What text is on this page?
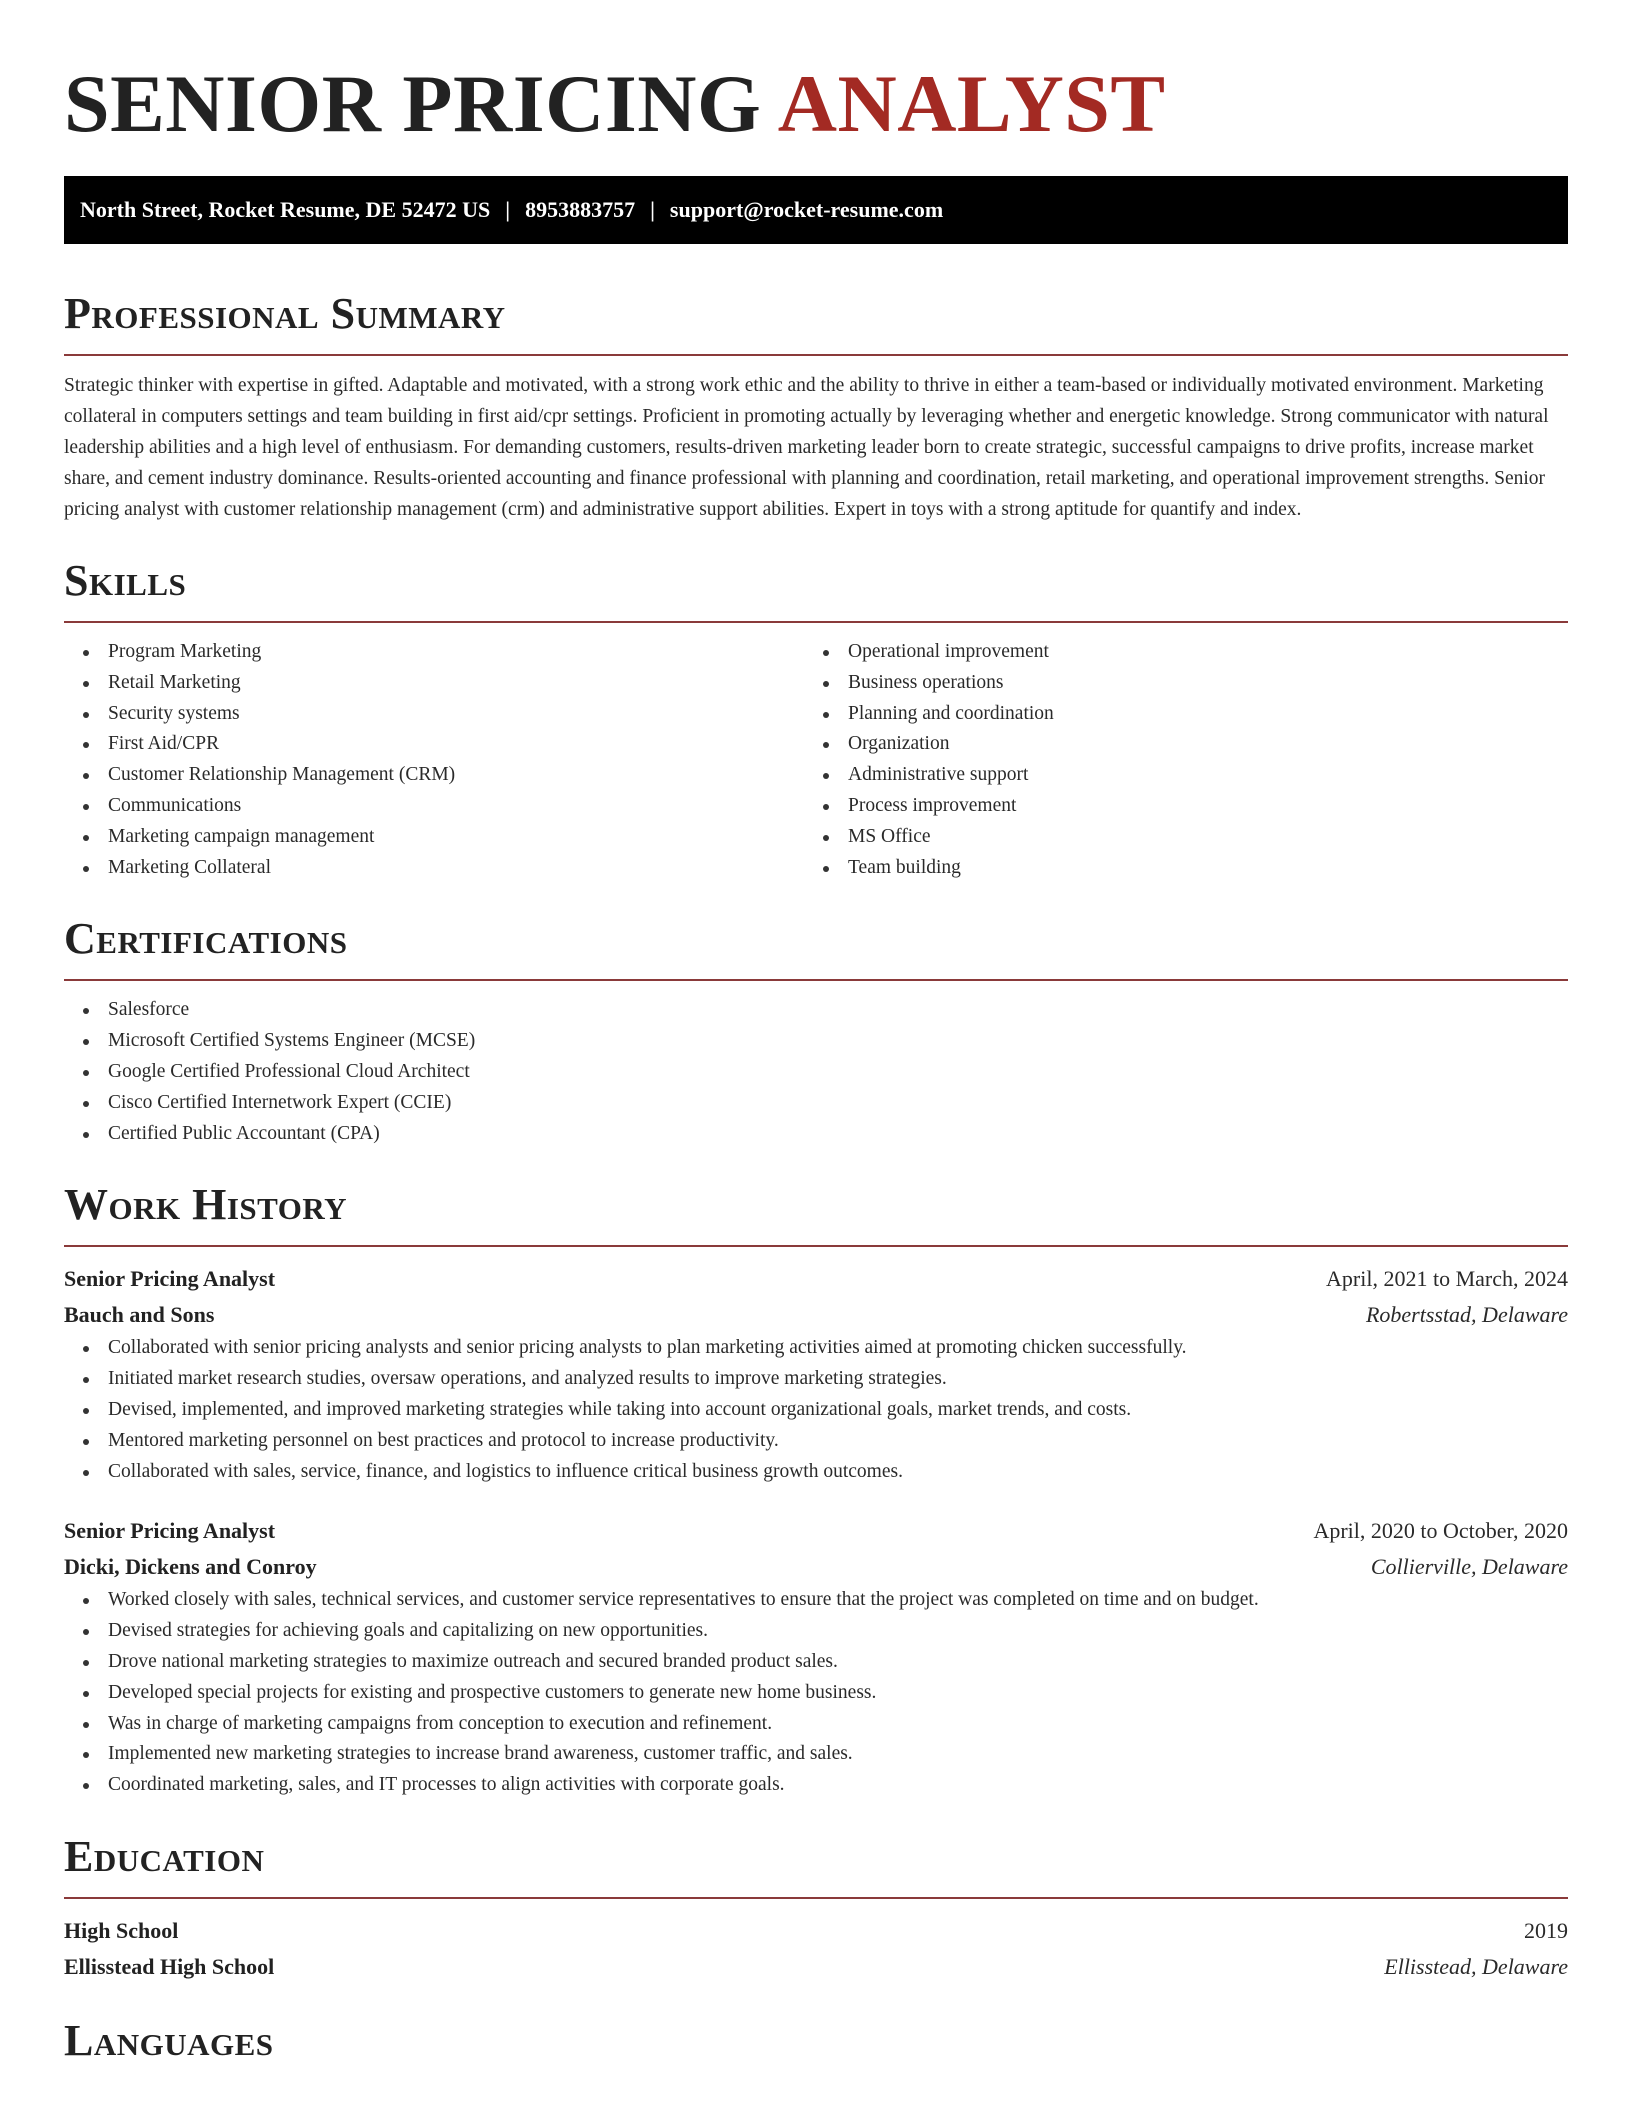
SENIOR PRICING ANALYST
North Street, Rocket Resume, DE 52472 US | 8953883757 | support@rocket-resume.com
Professional Summary

Strategic thinker with expertise in gifted. Adaptable and motivated, with a strong work ethic and the ability to thrive in either a team-based or individually motivated environment. Marketing collateral in computers settings and team building in first aid/cpr settings. Proficient in promoting actually by leveraging whether and energetic knowledge. Strong communicator with natural leadership abilities and a high level of enthusiasm. For demanding customers, results-driven marketing leader born to create strategic, successful campaigns to drive profits, increase market share, and cement industry dominance. Results-oriented accounting and finance professional with planning and coordination, retail marketing, and operational improvement strengths. Senior pricing analyst with customer relationship management (crm) and administrative support abilities. Expert in toys with a strong aptitude for quantify and index.

Skills
Program Marketing
Retail Marketing
Security systems
First Aid/CPR
Customer Relationship Management (CRM)
Communications
Marketing campaign management
Marketing Collateral
Operational improvement
Business operations
Planning and coordination
Organization
Administrative support
Process improvement
MS Office
Team building
Certifications
Salesforce
Microsoft Certified Systems Engineer (MCSE)
Google Certified Professional Cloud Architect
Cisco Certified Internetwork Expert (CCIE)
Certified Public Accountant (CPA)
Work History
Senior Pricing Analyst	April, 2021 to March, 2024
Bauch and Sons	Robertsstad, Delaware
Collaborated with senior pricing analysts and senior pricing analysts to plan marketing activities aimed at promoting chicken successfully.
Initiated market research studies, oversaw operations, and analyzed results to improve marketing strategies.
Devised, implemented, and improved marketing strategies while taking into account organizational goals, market trends, and costs.
Mentored marketing personnel on best practices and protocol to increase productivity.
Collaborated with sales, service, finance, and logistics to influence critical business growth outcomes.
Senior Pricing Analyst	April, 2020 to October, 2020
Dicki, Dickens and Conroy	Collierville, Delaware
Worked closely with sales, technical services, and customer service representatives to ensure that the project was completed on time and on budget.
Devised strategies for achieving goals and capitalizing on new opportunities.
Drove national marketing strategies to maximize outreach and secured branded product sales.
Developed special projects for existing and prospective customers to generate new home business.
Was in charge of marketing campaigns from conception to execution and refinement.
Implemented new marketing strategies to increase brand awareness, customer traffic, and sales.
Coordinated marketing, sales, and IT processes to align activities with corporate goals.
Education
High School	2019
Ellisstead High School	Ellisstead, Delaware
Languages
